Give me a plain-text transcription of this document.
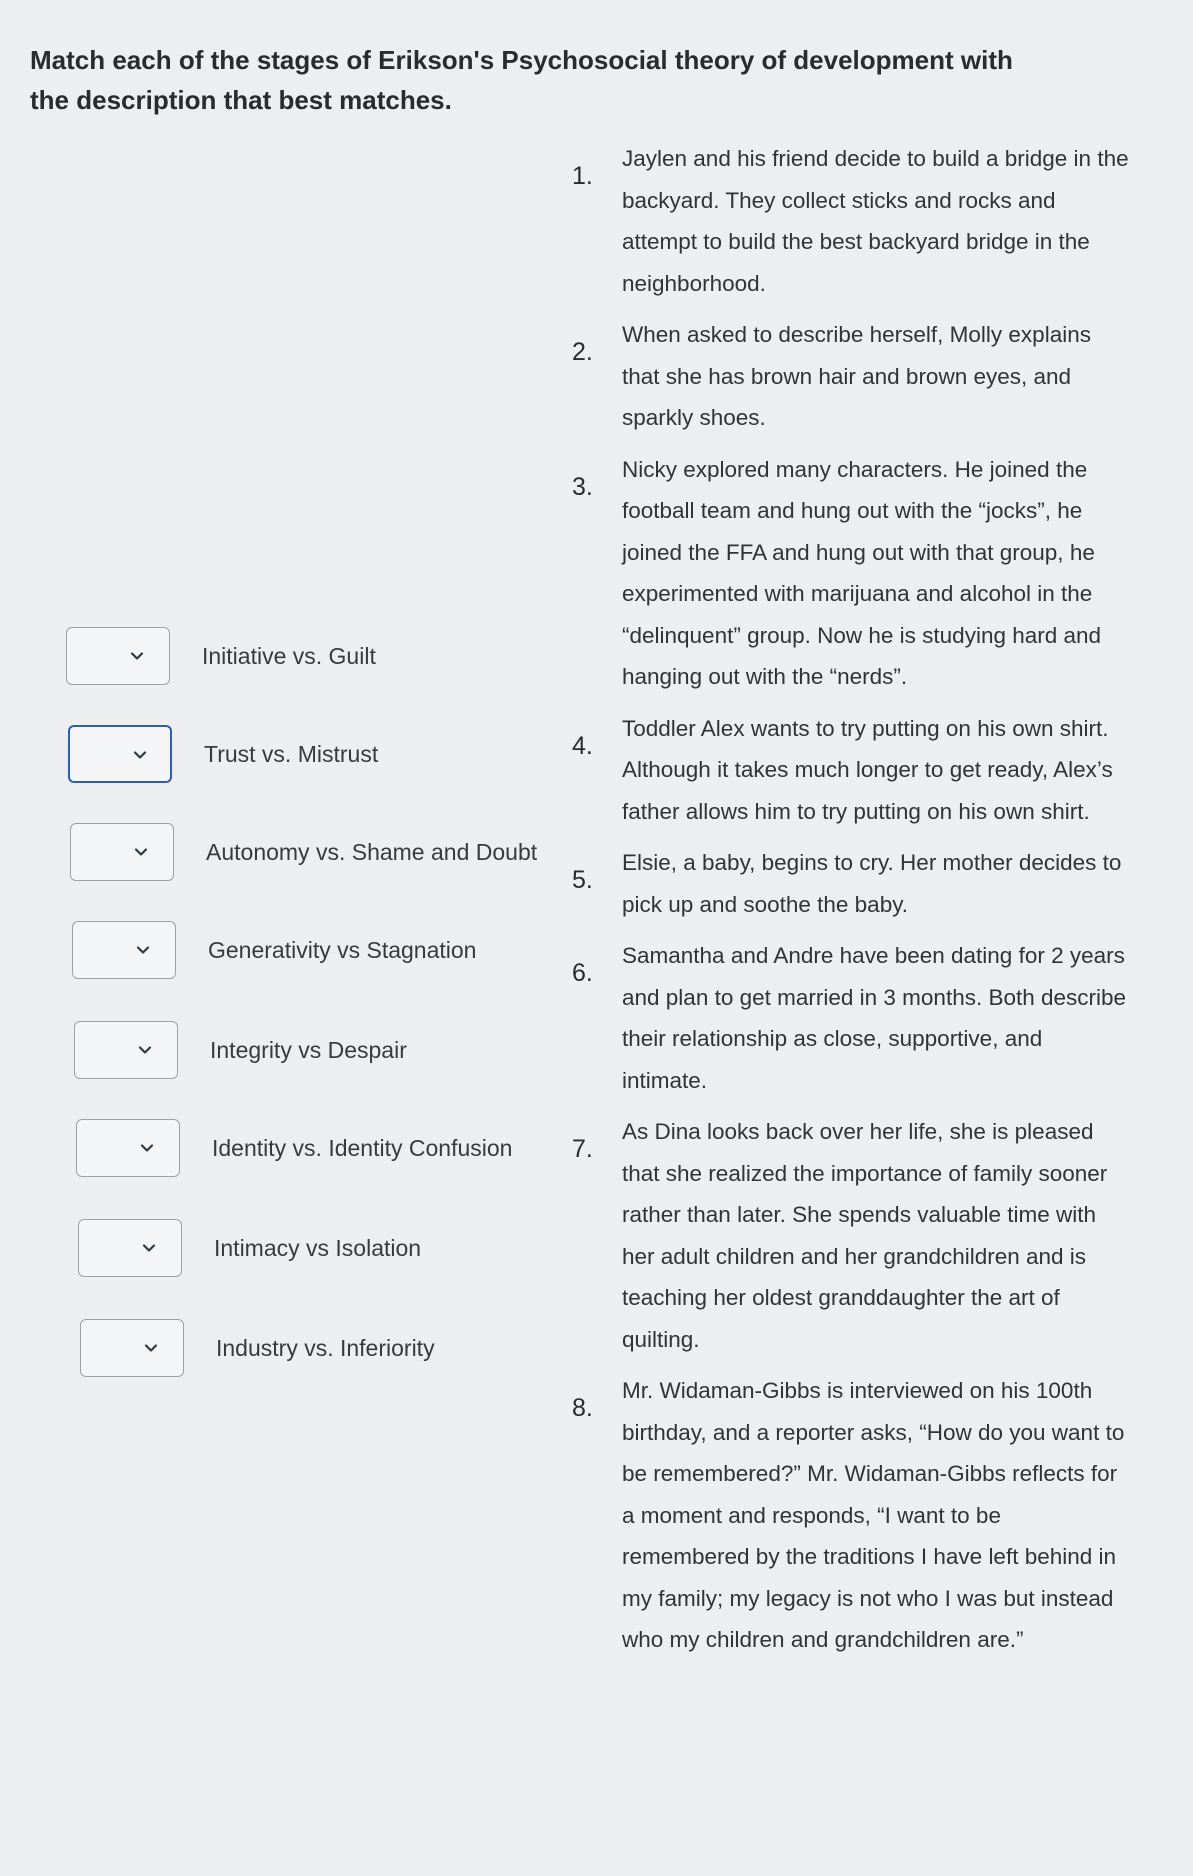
Match each of the stages of Erikson's Psychosocial theory of development with the description that best matches.
Initiative vs. Guilt
Trust vs. Mistrust
Autonomy vs. Shame and Doubt
Generativity vs Stagnation
Integrity vs Despair
Identity vs. Identity Confusion
Intimacy vs Isolation
Industry vs. Inferiority
1.

Jaylen and his friend decide to build a bridge in the backyard. They collect sticks and rocks and attempt to build the best backyard bridge in the neighborhood.

2.

When asked to describe herself, Molly explains that she has brown hair and brown eyes, and sparkly shoes.

3.

Nicky explored many characters. He joined the football team and hung out with the “jocks”, he joined the FFA and hung out with that group, he experimented with marijuana and alcohol in the “delinquent” group. Now he is studying hard and hanging out with the “nerds”.

4.

Toddler Alex wants to try putting on his own shirt. Although it takes much longer to get ready, Alex’s father allows him to try putting on his own shirt.

5.

Elsie, a baby, begins to cry. Her mother decides to pick up and soothe the baby.

6.

Samantha and Andre have been dating for 2 years and plan to get married in 3 months. Both describe their relationship as close, supportive, and intimate.

7.

As Dina looks back over her life, she is pleased that she realized the importance of family sooner rather than later. She spends valuable time with her adult children and her grandchildren and is teaching her oldest granddaughter the art of quilting.

8.

Mr. Widaman-Gibbs is interviewed on his 100th birthday, and a reporter asks, “How do you want to be remembered?” Mr. Widaman-Gibbs reflects for a moment and responds, “I want to be remembered by the traditions I have left behind in my family; my legacy is not who I was but instead who my children and grandchildren are.”
